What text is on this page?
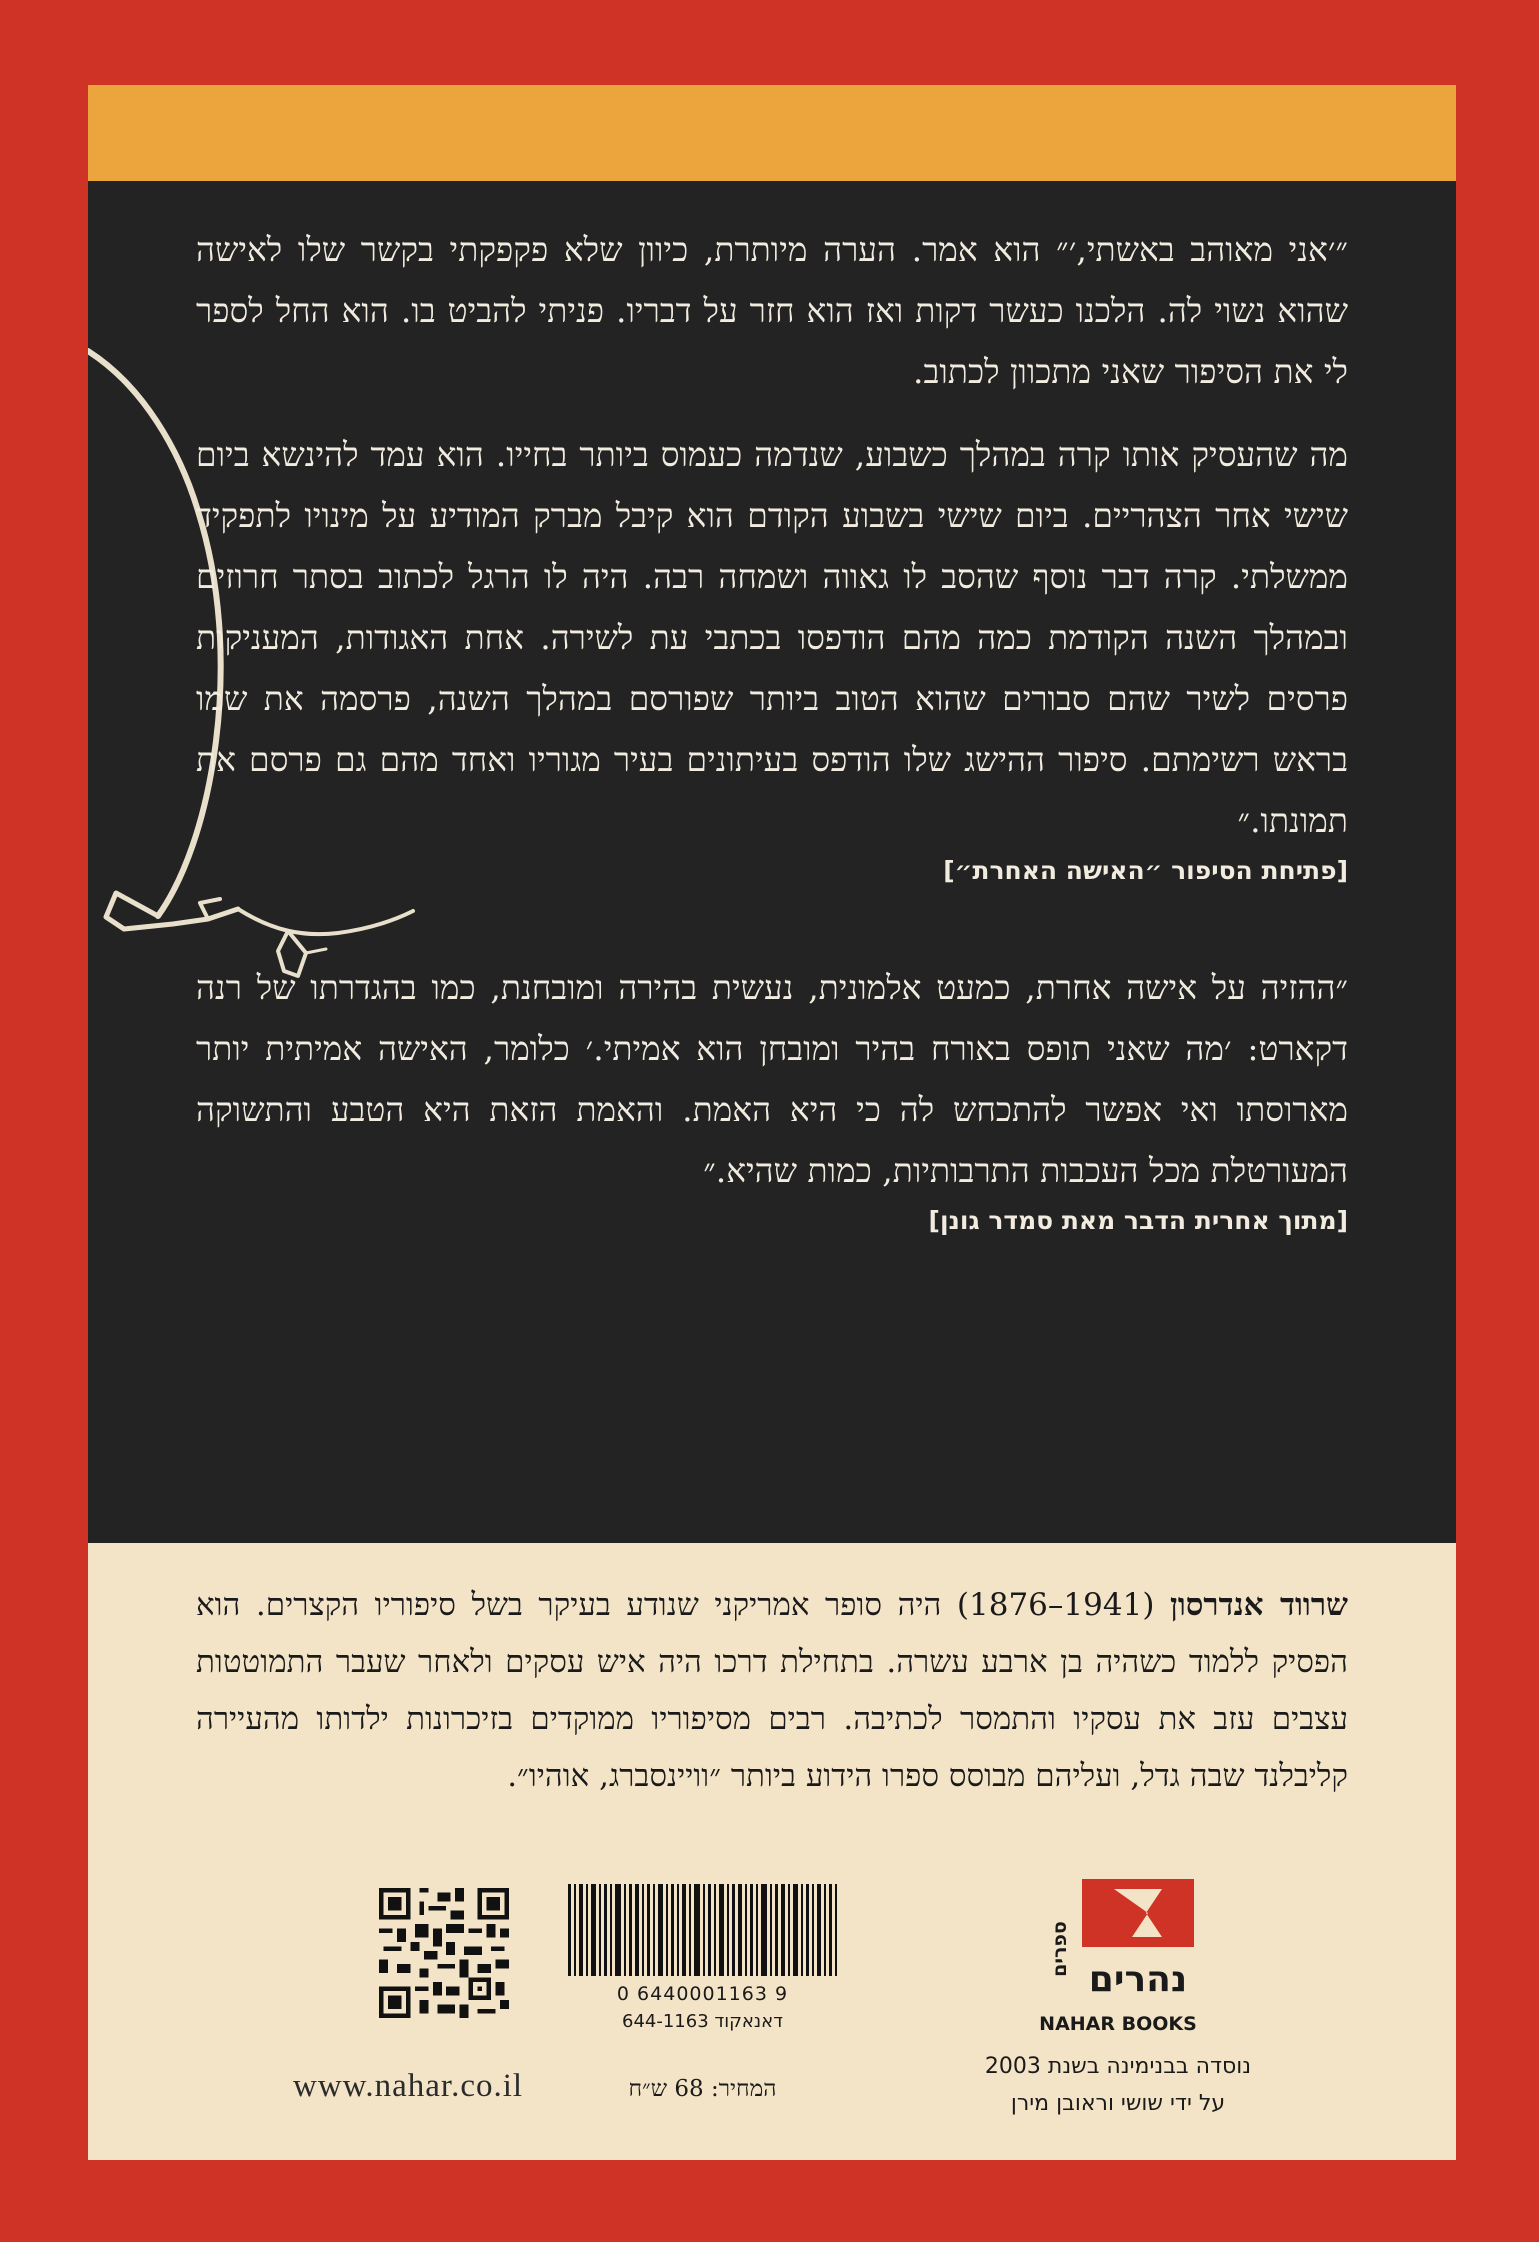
״׳אני מאוהב באשתי,׳״ הוא אמר. הערה מיותרת, כיוון שלא פקפקתי בקשר שלו לאישה שהוא נשוי לה. הלכנו כעשר דקות ואז הוא חזר על דבריו. פניתי להביט בו. הוא החל לספר לי את הסיפור שאני מתכוון לכתוב.

מה שהעסיק אותו קרה במהלך כשבוע, שנדמה כעמוס ביותר בחייו. הוא עמד להינשא ביום שישי אחר הצהריים. ביום שישי בשבוע הקודם הוא קיבל מברק המודיע על מינויו לתפקיד ממשלתי. קרה דבר נוסף שהסב לו גאווה ושמחה רבה. היה לו הרגל לכתוב בסתר חרוזים ובמהלך השנה הקודמת כמה מהם הודפסו בכתבי עת לשירה. אחת האגודות, המעניקות פרסים לשיר שהם סבורים שהוא הטוב ביותר שפורסם במהלך השנה, פרסמה את שמו בראש רשימתם. סיפור ההישג שלו הודפס בעיתונים בעיר מגוריו ואחד מהם גם פרסם את תמונתו.״

[פתיחת הסיפור ״האישה האחרת״]

״ההזיה על אישה אחרת, כמעט אלמונית, נעשית בהירה ומובחנת, כמו בהגדרתו של רנה דקארט: ׳מה שאני תופס באורח בהיר ומובחן הוא אמיתי.׳ כלומר, האישה אמיתית יותר מארוסתו ואי אפשר להתכחש לה כי היא האמת. והאמת הזאת היא הטבע והתשוקה המעורטלת מכל העכבות התרבותיות, כמות שהיא.״

[מתוך אחרית הדבר מאת סמדר גונן]

שרווד אנדרסון (1941–1876) היה סופר אמריקני שנודע בעיקר בשל סיפוריו הקצרים. הוא הפסיק ללמוד כשהיה בן ארבע עשרה. בתחילת דרכו היה איש עסקים ולאחר שעבר התמוטטות עצבים עזב את עסקיו והתמסר לכתיבה. רבים מסיפוריו ממוקדים בזיכרונות ילדותו מהעיירה קליבלנד שבה גדל, ועליהם מבוסס ספרו הידוע ביותר ״וויינסברג, אוהיו״.

0 6440001163 9
דאנאקוד 644-1163
המחיר: 68 ש״ח
www.nahar.co.il
ספרים
נהרים
NAHAR BOOKS
נוסדה בבנימינה בשנת 2003
על ידי שושי וראובן מירן
